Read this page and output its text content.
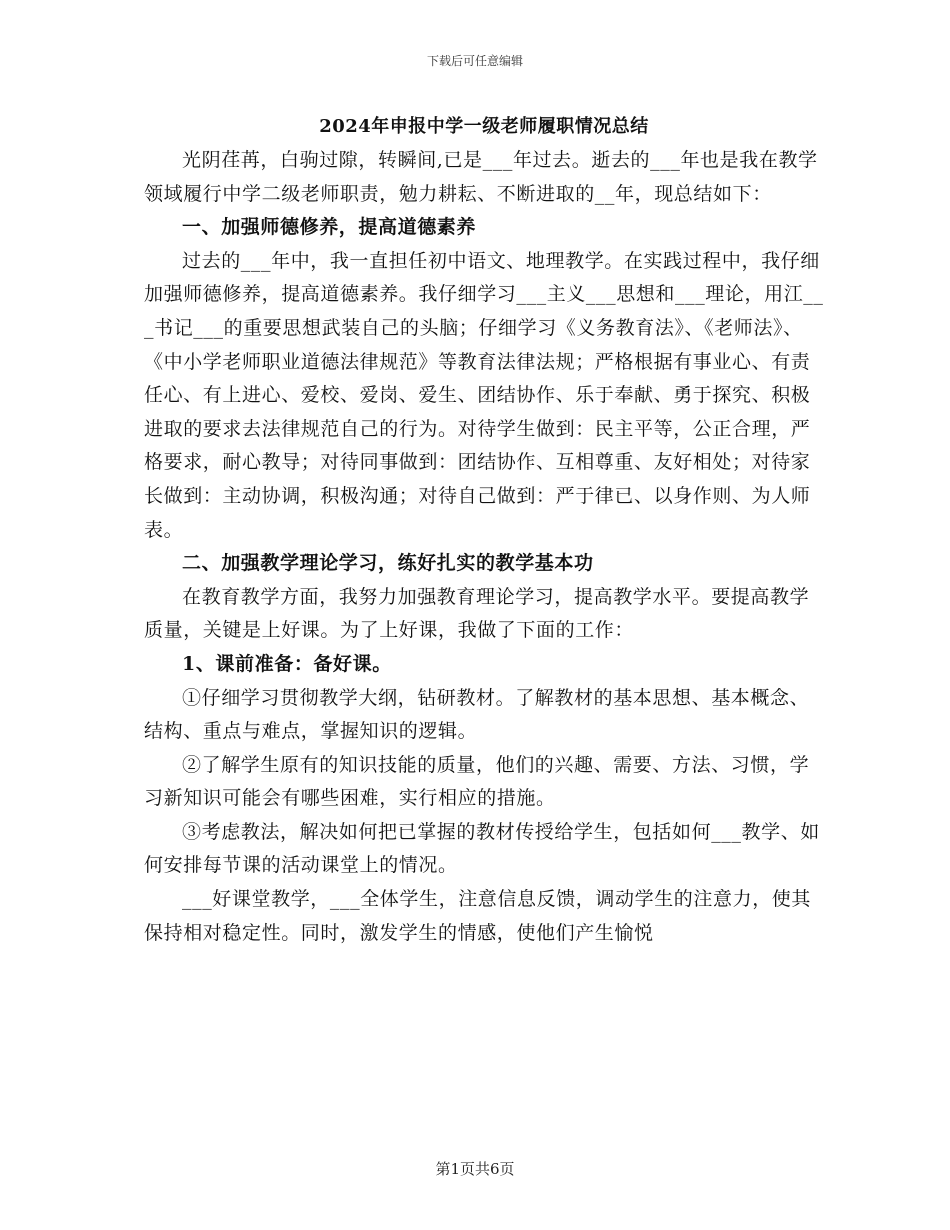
下载后可任意编辑
2024年申报中学一级老师履职情况总结

光阴荏苒，白驹过隙，转瞬间,已是___年过去。逝去的___年也是我在教学领域履行中学二级老师职责，勉力耕耘、不断进取的__年，现总结如下：

一、加强师德修养，提高道德素养

过去的___年中，我一直担任初中语文、地理教学。在实践过程中，我仔细加强师德修养，提高道德素养。我仔细学习___主义___思想和___理论，用江___书记___的重要思想武装自己的头脑；仔细学习《义务教育法》、《老师法》、《中小学老师职业道德法律规范》等教育法律法规；严格根据有事业心、有责任心、有上进心、爱校、爱岗、爱生、团结协作、乐于奉献、勇于探究、积极进取的要求去法律规范自己的行为。对待学生做到：民主平等，公正合理，严格要求，耐心教导；对待同事做到：团结协作、互相尊重、友好相处；对待家长做到：主动协调，积极沟通；对待自己做到：严于律已、以身作则、为人师表。

二、加强教学理论学习，练好扎实的教学基本功

在教育教学方面，我努力加强教育理论学习，提高教学水平。要提高教学质量，关键是上好课。为了上好课，我做了下面的工作：

1、课前准备：备好课。

①仔细学习贯彻教学大纲，钻研教材。了解教材的基本思想、基本概念、结构、重点与难点，掌握知识的逻辑。

②了解学生原有的知识技能的质量，他们的兴趣、需要、方法、习惯，学习新知识可能会有哪些困难，实行相应的措施。

③考虑教法，解决如何把已掌握的教材传授给学生，包括如何___教学、如何安排每节课的活动课堂上的情况。

___好课堂教学，___全体学生，注意信息反馈，调动学生的注意力，使其保持相对稳定性。同时，激发学生的情感，使他们产生愉悦

第1页共6页
